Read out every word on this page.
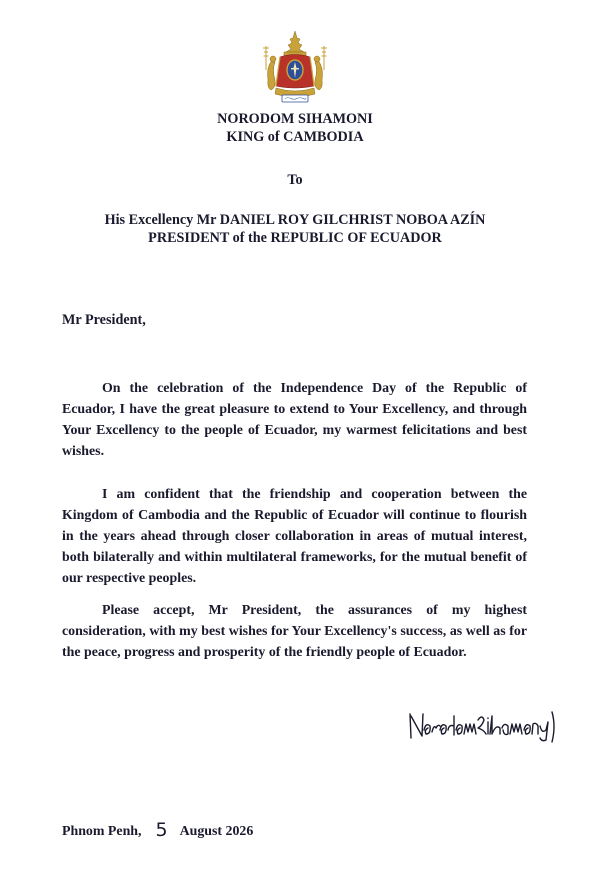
NORODOM SIHAMONI
KING of CAMBODIA
To
His Excellency Mr DANIEL ROY GILCHRIST NOBOA AZÍN
PRESIDENT of the REPUBLIC OF ECUADOR
Mr President,

On the celebration of the Independence Day of the Republic of Ecuador, I have the great pleasure to extend to Your Excellency, and through Your Excellency to the people of Ecuador, my warmest felicitations and best wishes.

I am confident that the friendship and cooperation between the Kingdom of Cambodia and the Republic of Ecuador will continue to flourish in the years ahead through closer collaboration in areas of mutual interest, both bilaterally and within multilateral frameworks, for the mutual benefit of our respective peoples.

Please accept, Mr President, the assurances of my highest consideration, with my best wishes for Your Excellency's success, as well as for the peace, progress and prosperity of the friendly people of Ecuador.

Phnom Penh, 5 August 2026
